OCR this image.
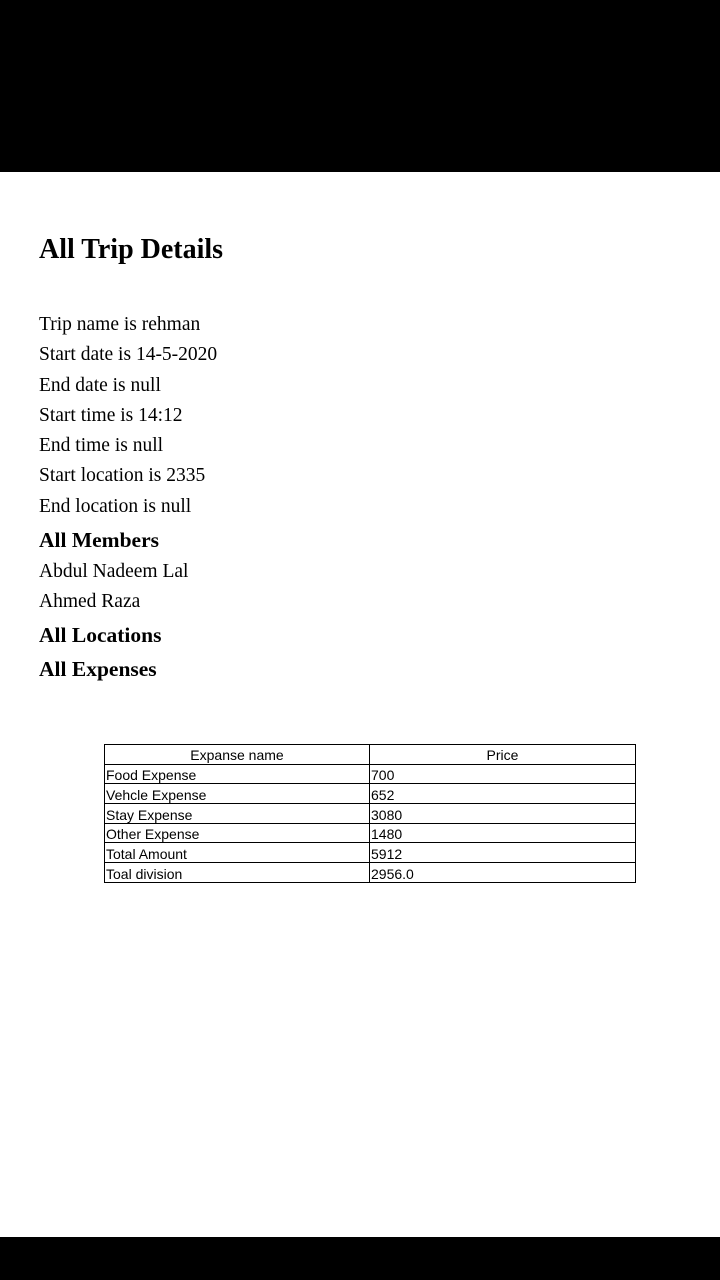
All Trip Details
Trip name is rehman
Start date is 14-5-2020
End date is null
Start time is 14:12
End time is null
Start location is 2335
End location is null
All Members
Abdul Nadeem Lal
Ahmed Raza
All Locations
All Expenses
Expanse name	Price
Food Expense	700
Vehcle Expense	652
Stay Expense	3080
Other Expense	1480
Total Amount	5912
Toal division	2956.0
